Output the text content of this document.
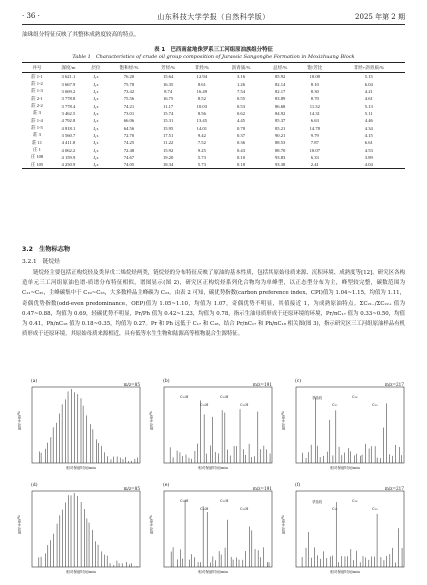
· 36 ·	山东科技大学学报（自然科学版）	2025 年第 2 期
油珠组分特征反映了其整体成熟度较高的特点。
表 1　巴西南盆地侏罗系三工河组原油族组分特征
Table 1　Characteristics of crude oil group composition of Jurassic Sangonghe Formation in Moxizhuang Block
井号	深度/m	层位	饱和烃/%	芳烃/%	非烃/%	沥青质/%	总烃/%	饱/芳比	非烃+沥青质/%
莊 1-1	3 621.1	J₁s	76.20	15.64	12.94	3.16	85.92	10.08	5.15
莊 1-2	3 667.9	J₁s	75.78	16.35	8.61	1.26	82.14	8.10	6.04
莊 1-3	3 669.2	J₁s	73.42	8.74	16.49	7.54	82.17	8.30	4.21
莊 2-1	3 778.8	J₁s	75.56	16.75	8.52	0.55	83.89	8.70	4.61
莊 2-2	3 778.4	J₁s	74.21	11.17	10.03	0.53	86.68	11.32	5.13
莊 3	3 462.5	J₁s	73.01	15.74	8.56	0.62	84.92	14.31	5.11
莊 1-4	4 792.8	J₁s	66.06	15.31	13.45	4.45	85.37	6.63	4.46
莊 1-5	4 818.1	J₁s	64.56	15.95	14.01	0.78	85.21	14.78	4.34
莊 3	3 560.7	J₁s	72.70	17.51	9.42	0.37	90.21	9.79	4.15
莊 11	4 411.8	J₁s	74.25	11.22	7.52	0.36	88.53	7.87	6.61
庄 1	4 062.2	J₁s	72.48	15.92	9.25	0.43	88.70	10.07	4.53
庄 108	4 159.9	J₁s	74.67	19.20	5.73	0.10	93.83	6.33	3.89
庄 105	4 250.9	J₁s	74.05	18.34	5.73	0.18	93.38	2.41	4.04
3.2　生物标志物
3.2.1　链烷烃

链烷烃主要包括正构烷烃及类异戊二烯烷烃两类，链烷烃的分布特征反映了原油的基本性质，包括其原始母质来源、沉积环境、成熟度等[12]。研究区各构造单元三工河组原油色谱-质谱分布特征相似，谱图显示(图 2)，研究区正构烷烃系列化合物均为单峰型，以正态型分布为主，峰型较完整，碳数范围为 C₁₁~C₃₅，主峰碳集中于 C₁₉~C₂₃，大多数样品主峰碳为 C₂₃。由表 2 可知，碳优势指数(carbon preference index，CPI)值为 1.04~1.15，均值为 1.11，奇偶优势指数(odd-even predominance，OEP)值为 1.05~1.10，均值为 1.07，奇偶优势不明显，其值接近 1，为成熟原油特点。ΣC₂₁₋/ΣC₂₂₊ 值为 0.47~0.88，均值为 0.69，轻碳优势不明显，Pr/Ph 值为 0.42~1.23，均值为 0.78，指示生油母质形成于还原环境的环境，Pr/nC₁₇ 值为 0.33~0.50，均值为 0.41，Ph/nC₁₈ 值为 0.18~0.35，均值为 0.27。Pr 和 Ph 远低于 C₁₇ 和 C₁₈，结合 Pr/nC₁₇ 和 Ph/nC₁₈ 相关图(图 3)，指示研究区三工河组原油样品有机质形成于还原环境，其原始母质来源相近，具有低等水生生物和陆源高等植物混合生源特征。

(a)
m/z=85
相对丰度/%
相对保留时间/min
(b)
m/z=191
相对丰度/%
相对保留时间/min
C₃₀H
C₂₉H
C₃₀H
C₃₁H
(c)
m/z=217
相对丰度/%
相对保留时间/min
孕甾烷
C₂₇
C₂₈
C₂₉
(d)
m/z=85
相对丰度/%
相对保留时间/min
(e)
m/z=191
相对丰度/%
相对保留时间/min
C₂₉H
C₃₀H
C₃₁H
C₃₂H
(f)
m/z=217
相对丰度/%
相对保留时间/min
孕甾烷
C₂₇
C₂₈
C₂₉
